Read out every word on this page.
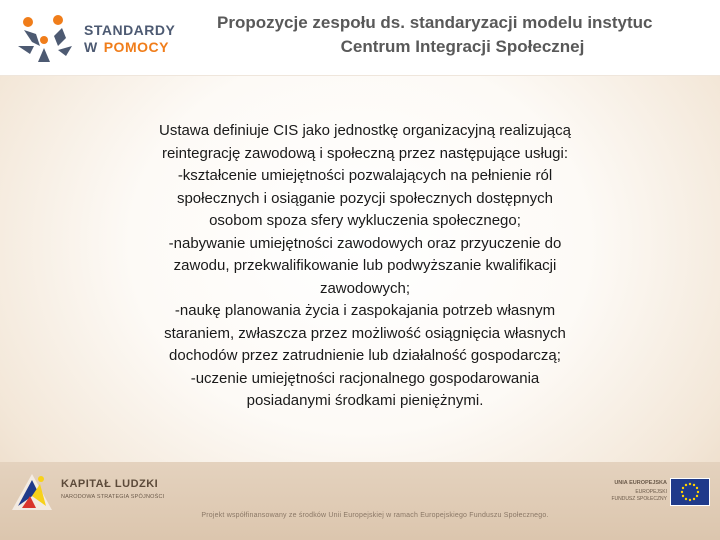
STANDARDY
W POMOCY
Propozycje zespołu ds. standaryzacji modelu instytuc
Centrum Integracji Społecznej
Ustawa definiuje CIS jako jednostkę organizacyjną realizującą
reintegrację zawodową i społeczną przez następujące usługi:
-kształcenie umiejętności pozwalających na pełnienie ról
społecznych i osiąganie pozycji społecznych dostępnych
osobom spoza sfery wykluczenia społecznego;
-nabywanie umiejętności zawodowych oraz przyuczenie do
zawodu, przekwalifikowanie lub podwyższanie kwalifikacji
zawodowych;
-naukę planowania życia i zaspokajania potrzeb własnym
staraniem, zwłaszcza przez możliwość osiągnięcia własnych
dochodów przez zatrudnienie lub działalność gospodarczą;
-uczenie umiejętności racjonalnego gospodarowania
posiadanymi środkami pieniężnymi.
KAPITAŁ LUDZKI
NARODOWA STRATEGIA SPÓJNOŚCI
UNIA EUROPEJSKA
EUROPEJSKI
FUNDUSZ SPOŁECZNY
Projekt współfinansowany ze środków Unii Europejskiej w ramach Europejskiego Funduszu Społecznego.
